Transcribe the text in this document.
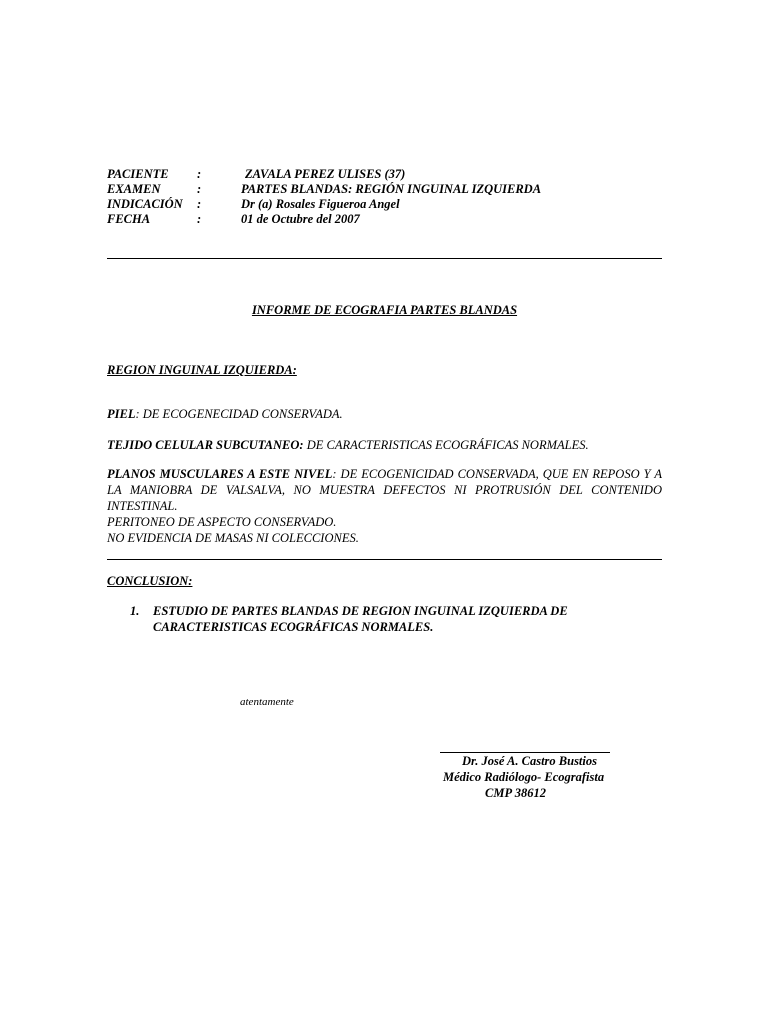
PACIENTE :	ZAVALA PEREZ ULISES (37)
EXAMEN	:	PARTES BLANDAS: REGIÓN INGUINAL IZQUIERDA
INDICACIÓN :	Dr (a) Rosales Figueroa Angel
FECHA	:	01 de Octubre del 2007
INFORME DE ECOGRAFIA PARTES BLANDAS
REGION INGUINAL IZQUIERDA:
PIEL: DE ECOGENECIDAD CONSERVADA.
TEJIDO CELULAR SUBCUTANEO: DE CARACTERISTICAS ECOGRÁFICAS NORMALES.
PLANOS MUSCULARES A ESTE NIVEL: DE ECOGENICIDAD CONSERVADA, QUE EN REPOSO Y A LA MANIOBRA DE VALSALVA, NO MUESTRA DEFECTOS NI PROTRUSIÓN DEL CONTENIDO INTESTINAL.
PERITONEO DE ASPECTO CONSERVADO.
NO EVIDENCIA DE MASAS NI COLECCIONES.
CONCLUSION:
1. ESTUDIO DE PARTES BLANDAS DE REGION INGUINAL IZQUIERDA DE CARACTERISTICAS ECOGRÁFICAS NORMALES.
atentamente
Dr. José A. Castro Bustios
Médico Radiólogo- Ecografista
CMP 38612
